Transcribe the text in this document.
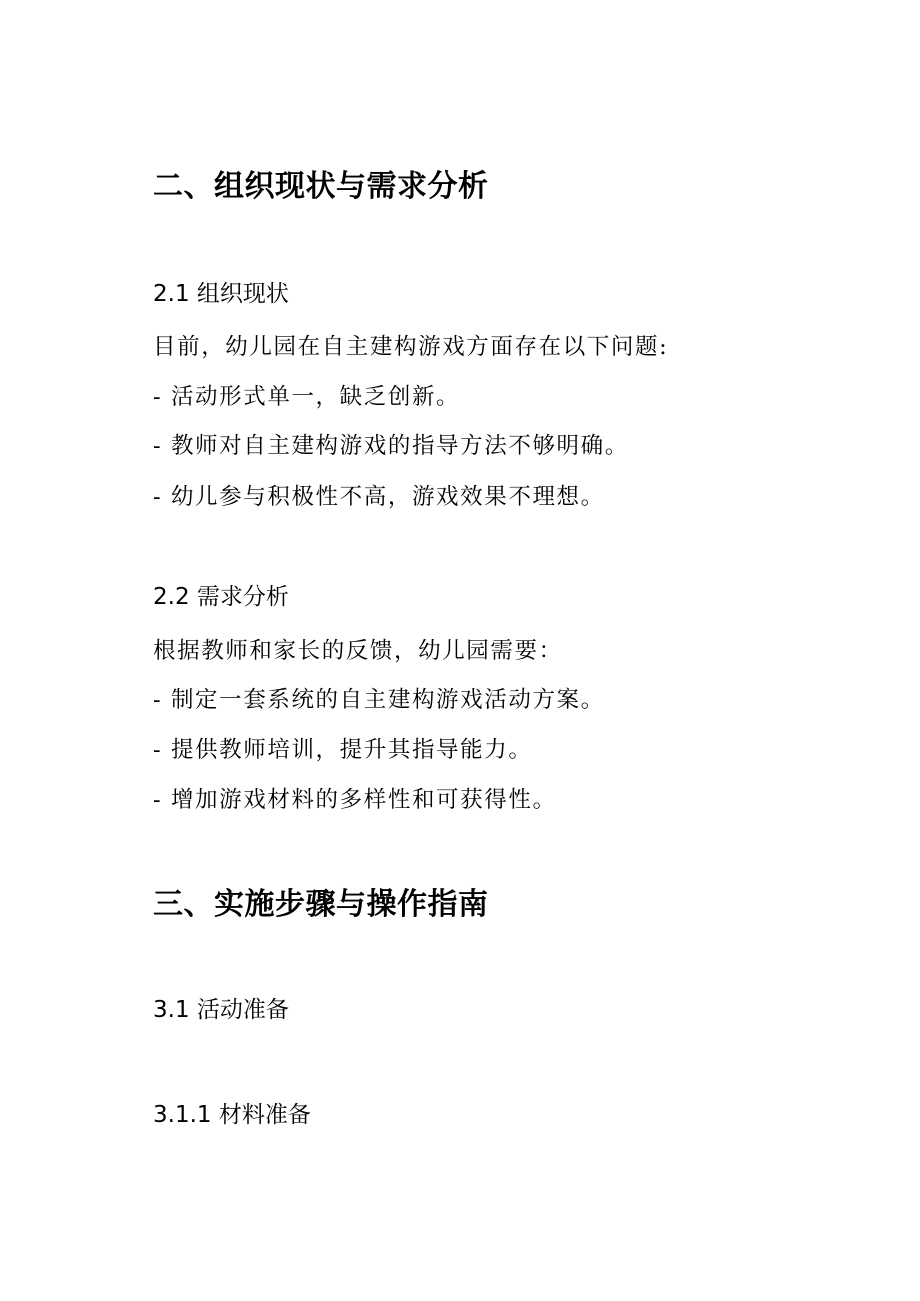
二、组织现状与需求分析
2.1 组织现状
目前，幼儿园在自主建构游戏方面存在以下问题:
- 活动形式单一，缺乏创新。
- 教师对自主建构游戏的指导方法不够明确。
- 幼儿参与积极性不高，游戏效果不理想。
2.2 需求分析
根据教师和家长的反馈，幼儿园需要：
- 制定一套系统的自主建构游戏活动方案。
- 提供教师培训，提升其指导能力。
- 增加游戏材料的多样性和可获得性。
三、实施步骤与操作指南
3.1 活动准备
3.1.1 材料准备
